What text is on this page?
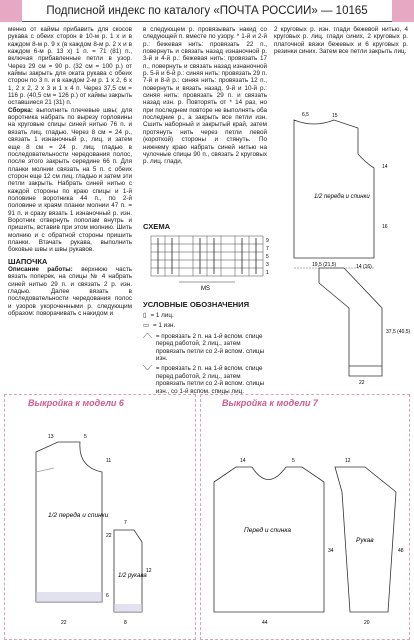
Подписной индекс по каталогу «ПОЧТА РОССИИ» — 10165

менно от каймы прибавить для скосов рукава с обеих сторон в 10-м р. 1 х и в каждом 8-м р. 9 х (в каждом 8-м р. 2 х и в каждом 6-м р. 13 х) 1 п. = 71 (81) п., включая прибавленные петли в узор. Через 29 см = 90 р. (32 см = 100 р.) от каймы закрыть для оката рукава с обеих сторон по 3 п. и в каждом 2-м р. 1 х 2, 6 х 1, 2 х 2, 2 х 3 и 1 х 4 п. Через 37,5 см = 116 р. (40,5 см = 126 р.) от каймы закрыть оставшиеся 21 (31) п.

Сборка: выполнить плечевые швы; для воротника набрать по вырезу горловины на круговые спицы синей нитью 76 п. и вязать лиц. гладью. Через 8 см = 24 р., связать 1 изнаночный р., лиц. и затем еще 8 см = 24 р. лиц. гладью в последовательности чередования полос, после этого закрыть середине 66 п. Для планки молнии связать на 5 п. с обеих сторон еще 12 см лиц. гладью и затем эти петли закрыть. Набрать синей нитью с каждой стороны по краю спицы и 1-й половине воротника 44 п., по 2-й половине и краям планки молнии 47 п. = 91 п. и сразу вязать 1 изнаночный р. изн. Воротник отвернуть пополам внутрь и пришить, вставив при этом молнию. Шить молнию и с обратной стороны пришить планки. Втачать рукава, выполнить боковые швы и швы рукавов.

ШАПОЧКА

Описание работы: верхнюю часть вязать поперек, на спицы № 4 набрать синей нитью 29 п. и связать 2 р. изн. гладью. Далее вязать в последовательности чередования полос и узоров укороченными р. следующим образом: поворачивать с накидом и

в следующем р. провязывать накид со следующей п. вместе по узору. * 1-й и 2-й р.: бежевая нить: провязать 22 п., повернуть и связать назад изнаночной р. 3-й и 4-й р.: бежевая нить: провязать 17 п., повернуть и связать назад изнаночной р. 5-й и 6-й р.: синяя нить: провязать 29 п. 7-й и 8-й р.: синяя нить: провязать 12 п., повернуть и вязать назад. 9-й и 10-й р.: синяя нить: провязать 29 п. и связать назад изн. р. Повторять от * 14 раз, но при последнем повторе не выполнять оба последние р., а закрыть все петли изн. Сшить наборный и закрытый край, затем протянуть нить через петли левой (короткой) стороны и стянуть. По нижнему краю набрать синей нитью на чулочные спицы 90 п., связать 2 круговых р. лиц. глади,

2 круговых р. изн. глади бежевой нитью, 4 круговых р. лиц. глади синих, 2 круговых р. платочной вязки бежевых и 6 круговых р. резинки синих. Затем все петли закрыть лиц.

СХЕМА
9
7
5
3
1
MS
УСЛОВНЫЕ ОБОЗНАЧЕНИЯ
▯ = 1 лиц.
▭ = 1 изн.
⟋⟍ = провязать 2 п. на 1-й вспом. спице перед работой, 2 лиц., затем провязать петли со 2-й вспом. спицы изн.
⟍⟋ = провязать 2 п. на 1-й вспом. спице перед работой, 2 лиц., затем провязать петли со 2-й вспом. спицы изн., со 1-й вспом. спицы лиц.
1/2 переда и спинки
6,5	15
14
16
19,5 (21,5)	14 (16)
37,5 (40,5)
22
Выкройка к модели 6
1/2 переда и спинки
1/2 рукава
13	5
11
22
6
22
7
12
8
Выкройка к модели 7
Перед и спинка
Рукав
14	5
34
44
12
48
20
